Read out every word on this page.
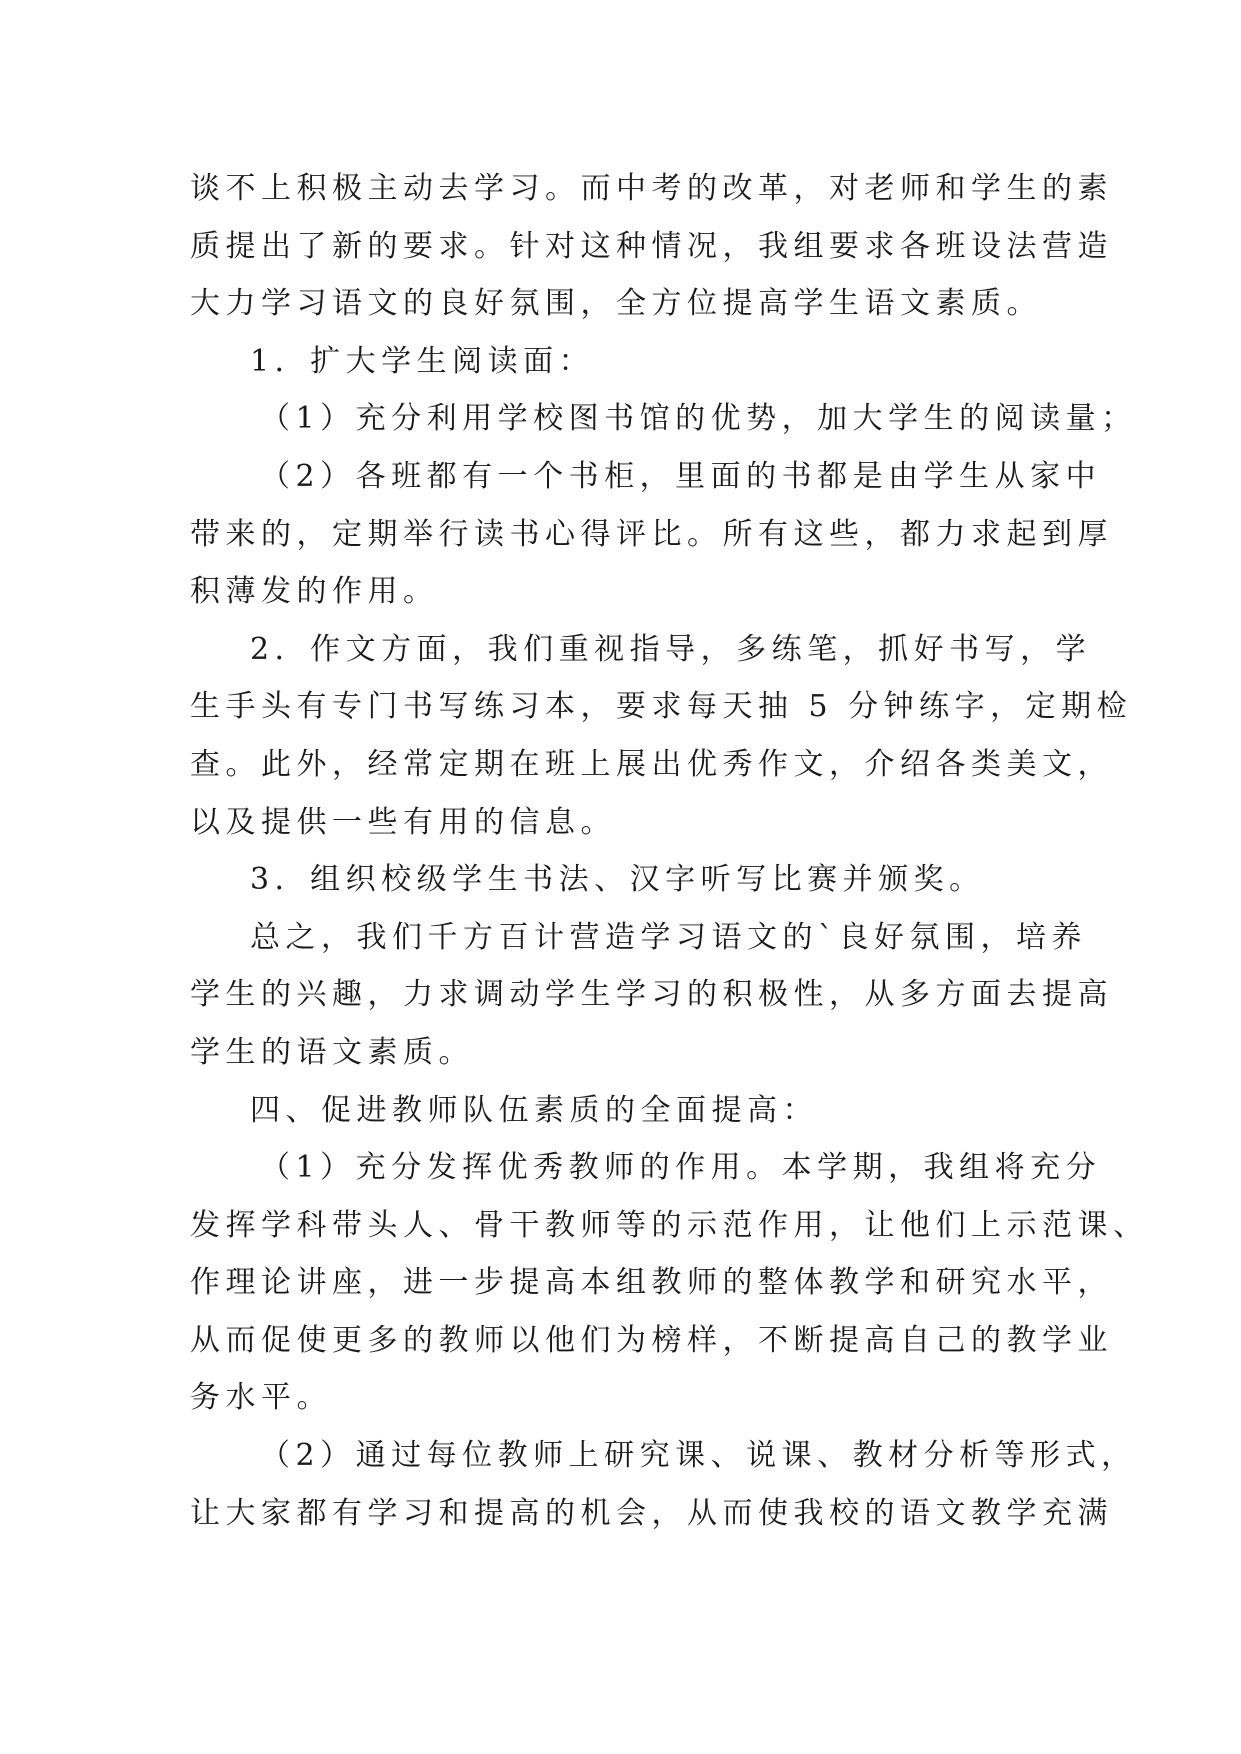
谈不上积极主动去学习。而中考的改革，对老师和学生的素
质提出了新的要求。针对这种情况，我组要求各班设法营造
大力学习语文的良好氛围，全方位提高学生语文素质。
1．扩大学生阅读面：
（1）充分利用学校图书馆的优势，加大学生的阅读量；
（2）各班都有一个书柜，里面的书都是由学生从家中
带来的，定期举行读书心得评比。所有这些，都力求起到厚
积薄发的作用。
2．作文方面，我们重视指导，多练笔，抓好书写，学
生手头有专门书写练习本，要求每天抽 5 分钟练字，定期检
查。此外，经常定期在班上展出优秀作文，介绍各类美文，
以及提供一些有用的信息。
3．组织校级学生书法、汉字听写比赛并颁奖。
总之，我们千方百计营造学习语文的`良好氛围，培养
学生的兴趣，力求调动学生学习的积极性，从多方面去提高
学生的语文素质。
四、促进教师队伍素质的全面提高：
（1）充分发挥优秀教师的作用。本学期，我组将充分
发挥学科带头人、骨干教师等的示范作用，让他们上示范课、
作理论讲座，进一步提高本组教师的整体教学和研究水平，
从而促使更多的教师以他们为榜样，不断提高自己的教学业
务水平。
（2）通过每位教师上研究课、说课、教材分析等形式，
让大家都有学习和提高的机会，从而使我校的语文教学充满
